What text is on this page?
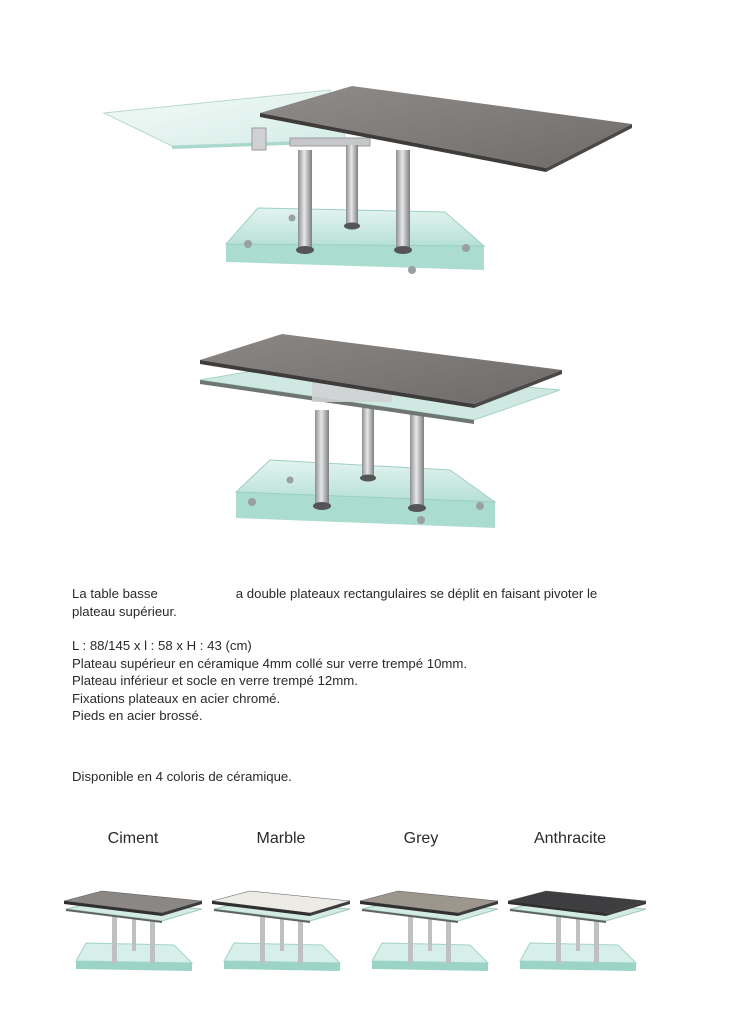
La table basse	a double plateaux rectangulaires se déplit en faisant pivoter le
plateau supérieur.
L : 88/145 x l : 58 x H : 43 (cm)
Plateau supérieur en céramique 4mm collé sur verre trempé 10mm.
Plateau inférieur et socle en verre trempé 12mm.
Fixations plateaux en acier chromé.
Pieds en acier brossé.
Disponible en 4 coloris de céramique.
Ciment	Marble	Grey	Anthracite
